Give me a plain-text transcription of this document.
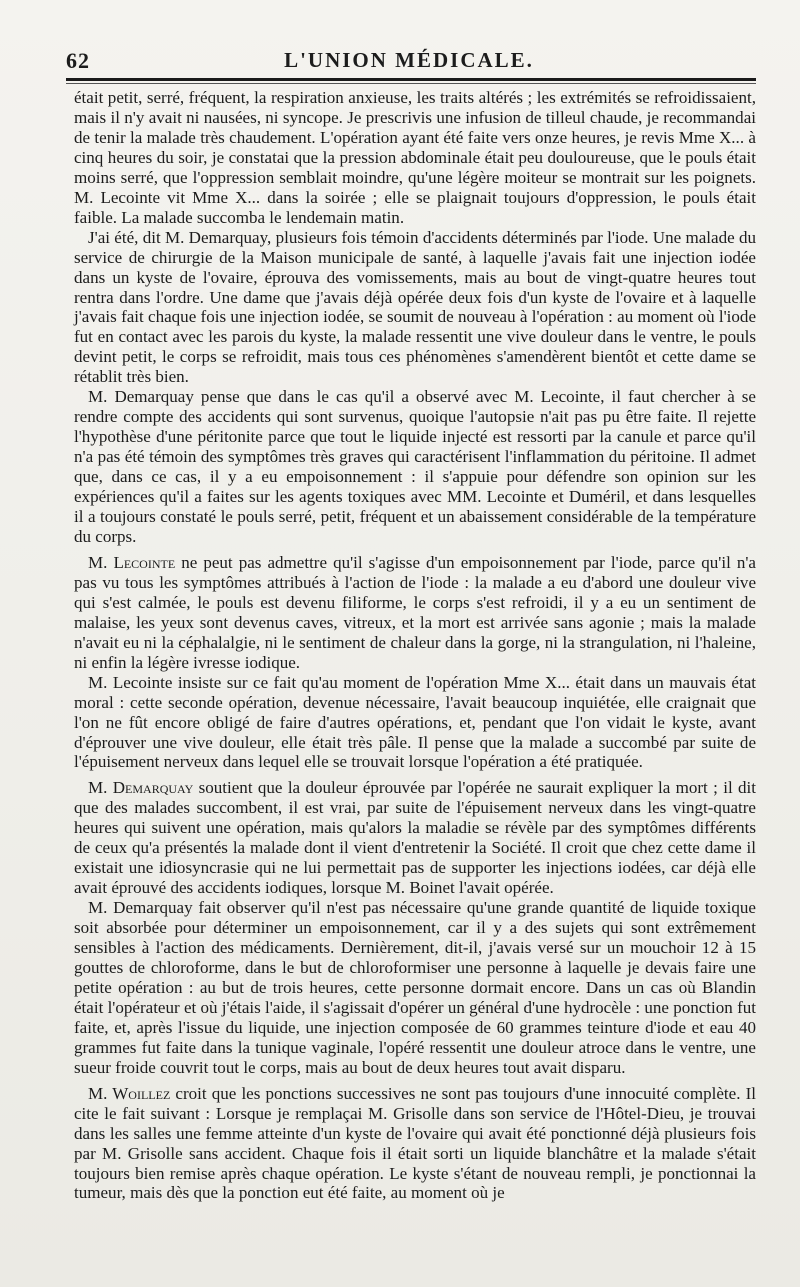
62	L'UNION MÉDICALE.

était petit, serré, fréquent, la respiration anxieuse, les traits altérés ; les extrémités se refroidissaient, mais il n'y avait ni nausées, ni syncope. Je prescrivis une infusion de tilleul chaude, je recommandai de tenir la malade très chaudement. L'opération ayant été faite vers onze heures, je revis Mme X... à cinq heures du soir, je constatai que la pression abdominale était peu douloureuse, que le pouls était moins serré, que l'oppression semblait moindre, qu'une légère moiteur se montrait sur les poignets. M. Lecointe vit Mme X... dans la soirée ; elle se plaignait toujours d'oppression, le pouls était faible. La malade succomba le lendemain matin.

J'ai été, dit M. Demarquay, plusieurs fois témoin d'accidents déterminés par l'iode. Une malade du service de chirurgie de la Maison municipale de santé, à laquelle j'avais fait une injection iodée dans un kyste de l'ovaire, éprouva des vomissements, mais au bout de vingt-quatre heures tout rentra dans l'ordre. Une dame que j'avais déjà opérée deux fois d'un kyste de l'ovaire et à laquelle j'avais fait chaque fois une injection iodée, se soumit de nouveau à l'opération : au moment où l'iode fut en contact avec les parois du kyste, la malade ressentit une vive douleur dans le ventre, le pouls devint petit, le corps se refroidit, mais tous ces phénomènes s'amendèrent bientôt et cette dame se rétablit très bien.

M. Demarquay pense que dans le cas qu'il a observé avec M. Lecointe, il faut chercher à se rendre compte des accidents qui sont survenus, quoique l'autopsie n'ait pas pu être faite. Il rejette l'hypothèse d'une péritonite parce que tout le liquide injecté est ressorti par la canule et parce qu'il n'a pas été témoin des symptômes très graves qui caractérisent l'inflammation du péritoine. Il admet que, dans ce cas, il y a eu empoisonnement : il s'appuie pour défendre son opinion sur les expériences qu'il a faites sur les agents toxiques avec MM. Lecointe et Duméril, et dans lesquelles il a toujours constaté le pouls serré, petit, fréquent et un abaissement considérable de la température du corps.

M. Lecointe ne peut pas admettre qu'il s'agisse d'un empoisonnement par l'iode, parce qu'il n'a pas vu tous les symptômes attribués à l'action de l'iode : la malade a eu d'abord une douleur vive qui s'est calmée, le pouls est devenu filiforme, le corps s'est refroidi, il y a eu un sentiment de malaise, les yeux sont devenus caves, vitreux, et la mort est arrivée sans agonie ; mais la malade n'avait eu ni la céphalalgie, ni le sentiment de chaleur dans la gorge, ni la strangulation, ni l'haleine, ni enfin la légère ivresse iodique.

M. Lecointe insiste sur ce fait qu'au moment de l'opération Mme X... était dans un mauvais état moral : cette seconde opération, devenue nécessaire, l'avait beaucoup inquiétée, elle craignait que l'on ne fût encore obligé de faire d'autres opérations, et, pendant que l'on vidait le kyste, avant d'éprouver une vive douleur, elle était très pâle. Il pense que la malade a succombé par suite de l'épuisement nerveux dans lequel elle se trouvait lorsque l'opération a été pratiquée.

M. Demarquay soutient que la douleur éprouvée par l'opérée ne saurait expliquer la mort ; il dit que des malades succombent, il est vrai, par suite de l'épuisement nerveux dans les vingt-quatre heures qui suivent une opération, mais qu'alors la maladie se révèle par des symptômes différents de ceux qu'a présentés la malade dont il vient d'entretenir la Société. Il croit que chez cette dame il existait une idiosyncrasie qui ne lui permettait pas de supporter les injections iodées, car déjà elle avait éprouvé des accidents iodiques, lorsque M. Boinet l'avait opérée.

M. Demarquay fait observer qu'il n'est pas nécessaire qu'une grande quantité de liquide toxique soit absorbée pour déterminer un empoisonnement, car il y a des sujets qui sont extrêmement sensibles à l'action des médicaments. Dernièrement, dit-il, j'avais versé sur un mouchoir 12 à 15 gouttes de chloroforme, dans le but de chloroformiser une personne à laquelle je devais faire une petite opération : au but de trois heures, cette personne dormait encore. Dans un cas où Blandin était l'opérateur et où j'étais l'aide, il s'agissait d'opérer un général d'une hydrocèle : une ponction fut faite, et, après l'issue du liquide, une injection composée de 60 grammes teinture d'iode et eau 40 grammes fut faite dans la tunique vaginale, l'opéré ressentit une douleur atroce dans le ventre, une sueur froide couvrit tout le corps, mais au bout de deux heures tout avait disparu.

M. Woillez croit que les ponctions successives ne sont pas toujours d'une innocuité complète. Il cite le fait suivant : Lorsque je remplaçai M. Grisolle dans son service de l'Hôtel-Dieu, je trouvai dans les salles une femme atteinte d'un kyste de l'ovaire qui avait été ponctionné déjà plusieurs fois par M. Grisolle sans accident. Chaque fois il était sorti un liquide blanchâtre et la malade s'était toujours bien remise après chaque opération. Le kyste s'étant de nouveau rempli, je ponctionnai la tumeur, mais dès que la ponction eut été faite, au moment où je
